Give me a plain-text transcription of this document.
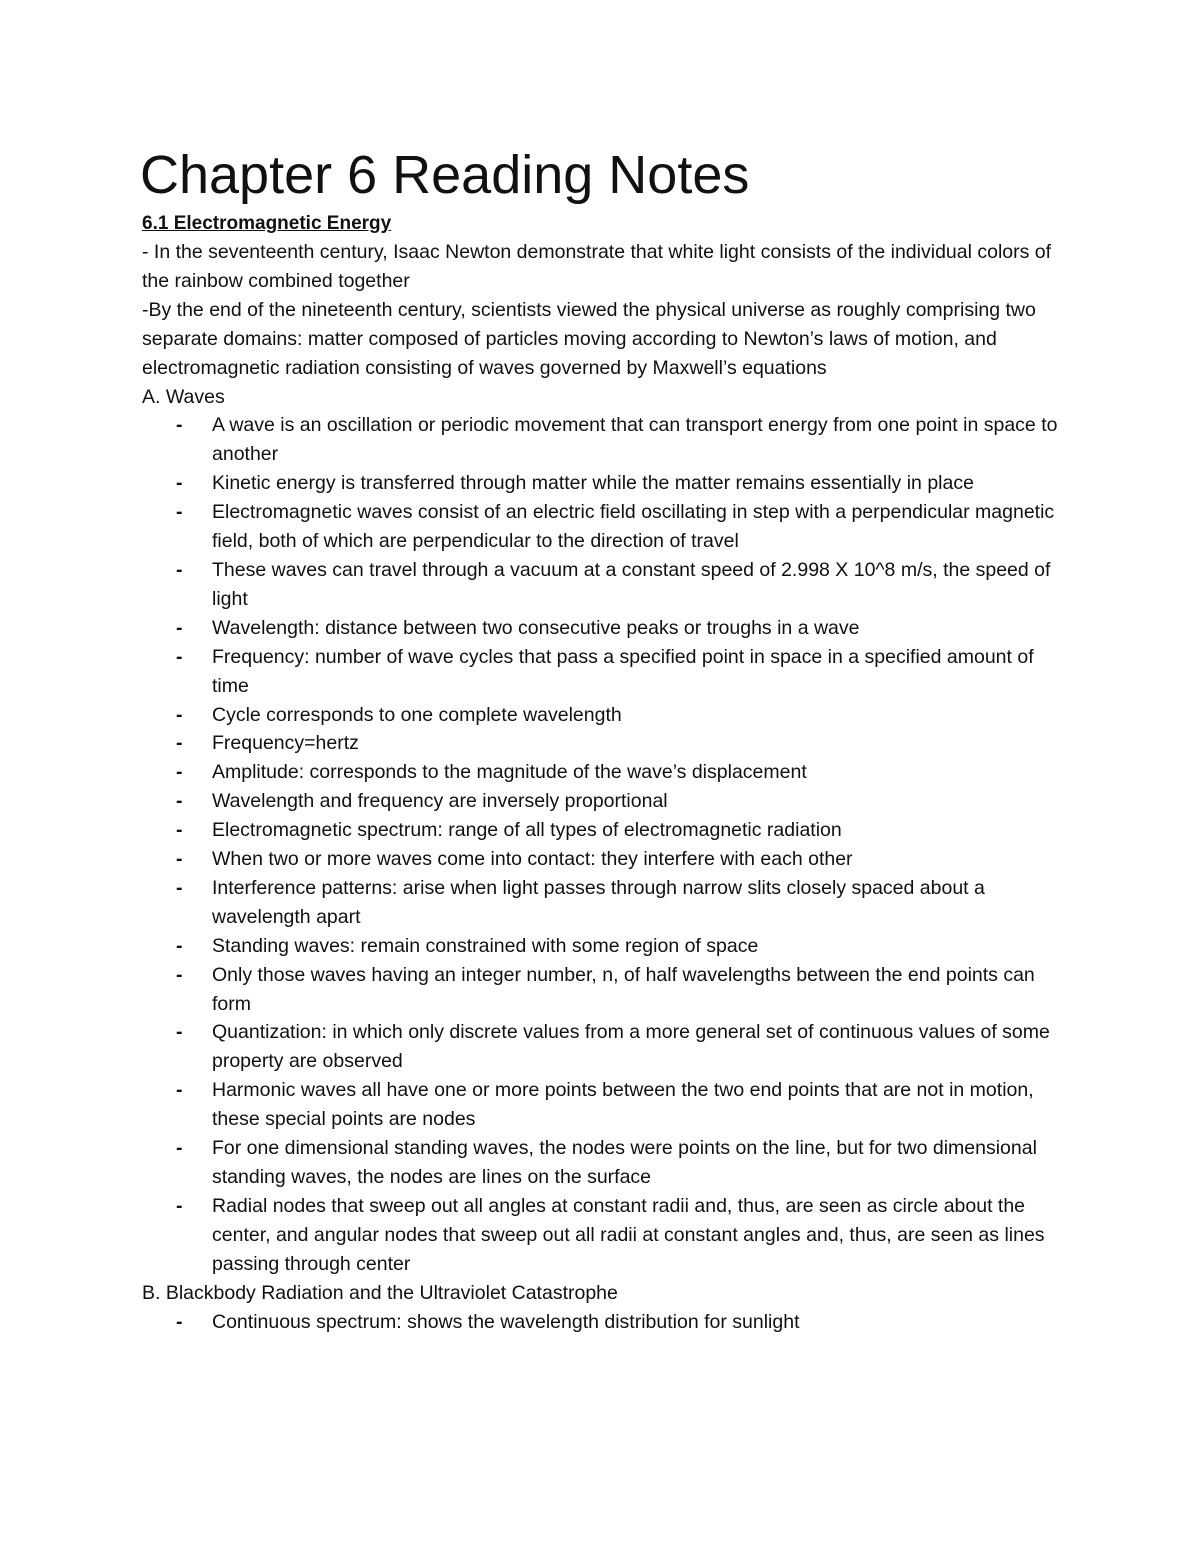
Chapter 6 Reading Notes
6.1 Electromagnetic Energy

- In the seventeenth century, Isaac Newton demonstrate that white light consists of the individual colors of the rainbow combined together

-By the end of the nineteenth century, scientists viewed the physical universe as roughly comprising two separate domains: matter composed of particles moving according to Newton’s laws of motion, and electromagnetic radiation consisting of waves governed by Maxwell’s equations

A. Waves
- A wave is an oscillation or periodic movement that can transport energy from one point in space to another
- Kinetic energy is transferred through matter while the matter remains essentially in place
- Electromagnetic waves consist of an electric field oscillating in step with a perpendicular magnetic field, both of which are perpendicular to the direction of travel
- These waves can travel through a vacuum at a constant speed of 2.998 X 10^8 m/s, the speed of light
- Wavelength: distance between two consecutive peaks or troughs in a wave
- Frequency: number of wave cycles that pass a specified point in space in a specified amount of time
- Cycle corresponds to one complete wavelength
- Frequency=hertz
- Amplitude: corresponds to the magnitude of the wave’s displacement
- Wavelength and frequency are inversely proportional
- Electromagnetic spectrum: range of all types of electromagnetic radiation
- When two or more waves come into contact: they interfere with each other
- Interference patterns: arise when light passes through narrow slits closely spaced about a wavelength apart
- Standing waves: remain constrained with some region of space
- Only those waves having an integer number, n, of half wavelengths between the end points can form
- Quantization: in which only discrete values from a more general set of continuous values of some property are observed
- Harmonic waves all have one or more points between the two end points that are not in motion, these special points are nodes
- For one dimensional standing waves, the nodes were points on the line, but for two dimensional standing waves, the nodes are lines on the surface
- Radial nodes that sweep out all angles at constant radii and, thus, are seen as circle about the center, and angular nodes that sweep out all radii at constant angles and, thus, are seen as lines passing through center
B. Blackbody Radiation and the Ultraviolet Catastrophe
- Continuous spectrum: shows the wavelength distribution for sunlight
